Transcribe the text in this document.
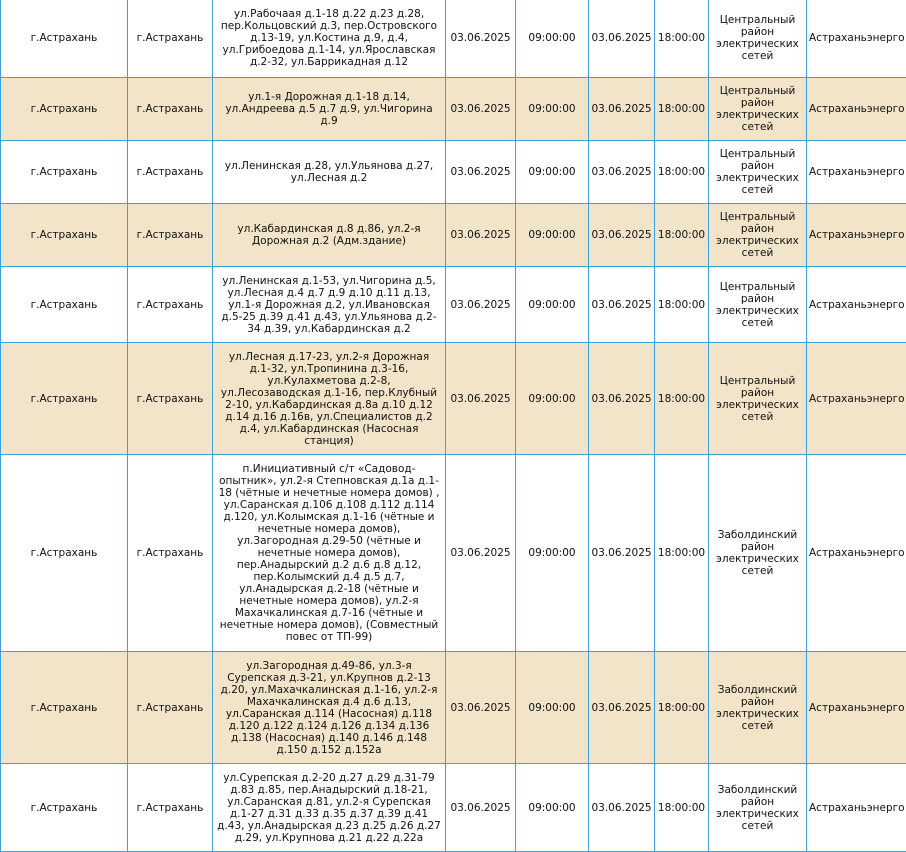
г.Астрахань	г.Астрахань	ул.Рабочаая д.1-18 д.22 д.23 д.28, пер.Кольцовский д.3, пер.Островского д.13-19, ул.Костина д.9, д.4, ул.Грибоедова д.1-14, ул.Ярославская д.2-32, ул.Баррикадная д.12	03.06.2025	09:00:00	03.06.2025	18:00:00	Центральный район электрических сетей	Астраханьэнерго
г.Астрахань	г.Астрахань	ул.1-я Дорожная д.1-18 д.14, ул.Андреева д.5 д.7 д.9, ул.Чигорина д.9	03.06.2025	09:00:00	03.06.2025	18:00:00	Центральный район электрических сетей	Астраханьэнерго
г.Астрахань	г.Астрахань	ул.Ленинская д.28, ул.Ульянова д.27, ул.Лесная д.2	03.06.2025	09:00:00	03.06.2025	18:00:00	Центральный район электрических сетей	Астраханьэнерго
г.Астрахань	г.Астрахань	ул.Кабардинская д.8 д.86, ул.2-я Дорожная д.2 (Адм.здание)	03.06.2025	09:00:00	03.06.2025	18:00:00	Центральный район электрических сетей	Астраханьэнерго
г.Астрахань	г.Астрахань	ул.Ленинская д.1-53, ул.Чигорина д.5, ул.Лесная д.4 д.7 д.9 д.10 д.11 д.13, ул.1-я Дорожная д.2, ул.Ивановская д.5-25 д.39 д.41 д.43, ул.Ульянова д.2-34 д.39, ул.Кабардинская д.2	03.06.2025	09:00:00	03.06.2025	18:00:00	Центральный район электрических сетей	Астраханьэнерго
г.Астрахань	г.Астрахань	ул.Лесная д.17-23, ул.2-я Дорожная д.1-32, ул.Тропинина д.3-16, ул.Кулахметова д.2-8, ул.Лесозаводская д.1-16, пер.Клубный 2-10, ул.Кабардинская д.8а д.10 д.12 д.14 д.16 д.16в, ул.Специалистов д.2 д.4, ул.Кабардинская (Насосная станция)	03.06.2025	09:00:00	03.06.2025	18:00:00	Центральный район электрических сетей	Астраханьэнерго
г.Астрахань	г.Астрахань	п.Инициативный с/т «Садовод-опытник», ул.2-я Степновская д.1а д.1-18 (чётные и нечетные номера домов) , ул.Саранская д.106 д.108 д.112 д.114 д.120, ул.Колымская д.1-16 (чётные и нечетные номера домов), ул.Загородная д.29-50 (чётные и нечетные номера домов), пер.Анадырский д.2 д.6 д.8 д.12, пер.Колымский д.4 д.5 д.7, ул.Анадырская д.2-18 (чётные и нечетные номера домов), ул.2-я Махачкалинская д.7-16 (чётные и нечетные номера домов), (Совместный повес от ТП-99)	03.06.2025	09:00:00	03.06.2025	18:00:00	Заболдинский район электрических сетей	Астраханьэнерго
г.Астрахань	г.Астрахань	ул.Загородная д.49-86, ул.3-я Сурепская д.3-21, ул.Крупнов д.2-13 д.20, ул.Махачкалинская д.1-16, ул.2-я Махачкалинская д.4 д.6 д.13, ул.Саранская д.114 (Насосная) д.118 д.120 д.122 д.124 д.126 д.134 д.136 д.138 (Насосная) д.140 д.146 д.148 д.150 д.152 д.152а	03.06.2025	09:00:00	03.06.2025	18:00:00	Заболдинский район электрических сетей	Астраханьэнерго
г.Астрахань	г.Астрахань	ул.Сурепская д.2-20 д.27 д.29 д.31-79 д.83 д.85, пер.Анадырский д.18-21, ул.Саранская д.81, ул.2-я Сурепская д.1-27 д.31 д.33 д.35 д.37 д.39 д.41 д.43, ул.Анадырская д.23 д.25 д.26 д.27 д.29, ул.Крупнова д.21 д.22 д.22а	03.06.2025	09:00:00	03.06.2025	18:00:00	Заболдинский район электрических сетей	Астраханьэнерго
